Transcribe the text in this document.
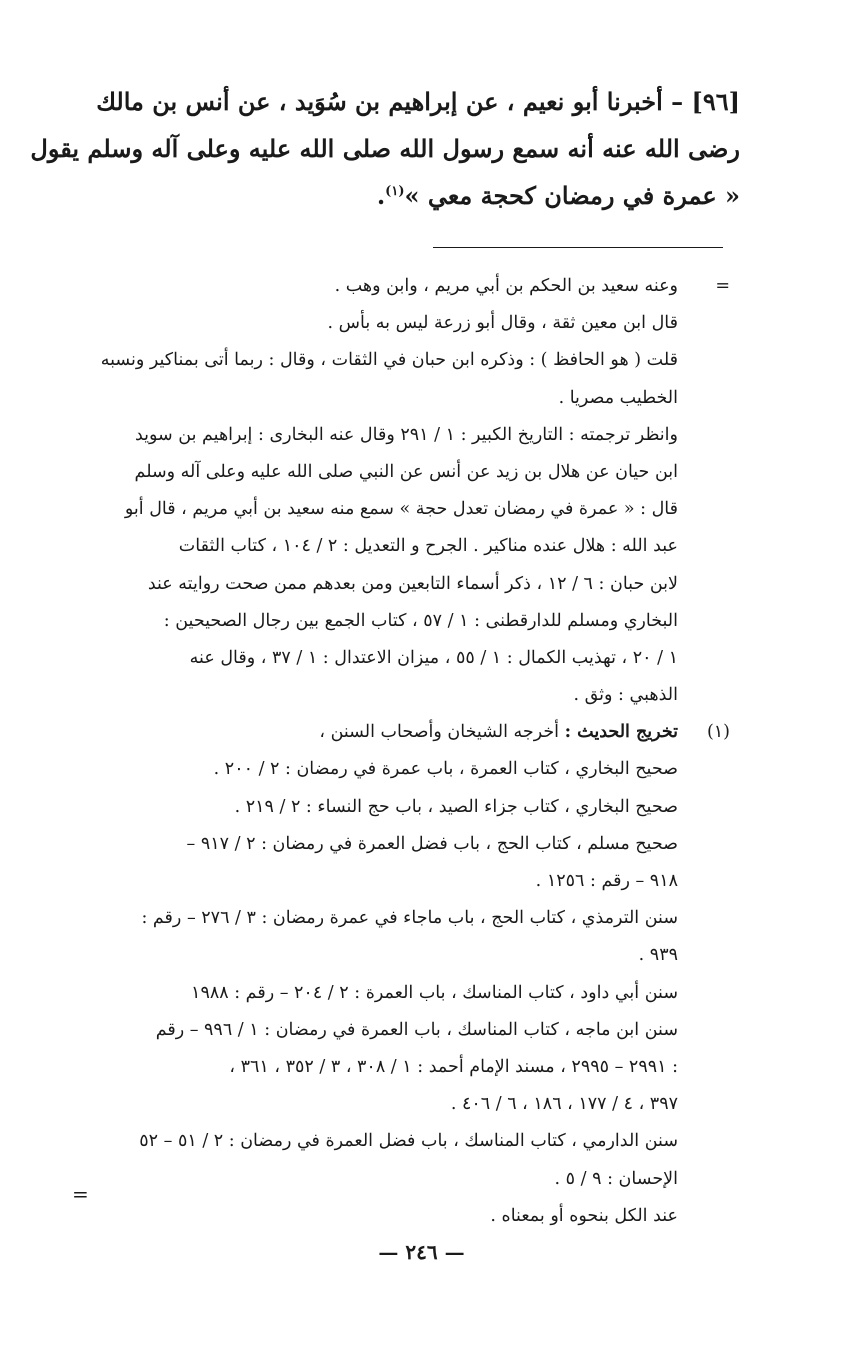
[٩٦] – أخبرنا أبو نعيم ، عن إبراهيم بن سُوَيد ، عن أنس بن مالك
رضى الله عنه أنه سمع رسول الله صلى الله عليه وعلى آله وسلم يقول
« عمرة في رمضان كحجة معي »$^{(١)}$.
=وعنه سعيد بن الحكم بن أبي مريم ، وابن وهب .
قال ابن معين ثقة ، وقال أبو زرعة ليس به بأس .
قلت ( هو الحافظ ) : وذكره ابن حبان في الثقات ، وقال : ربما أتى بمناكير ونسبه
الخطيب مصريا .
وانظر ترجمته : التاريخ الكبير : ١ / ٢٩١ وقال عنه البخارى : إبراهيم بن سويد
ابن حيان عن هلال بن زيد عن أنس عن النبي صلى الله عليه وعلى آله وسلم
قال : « عمرة في رمضان تعدل حجة » سمع منه سعيد بن أبي مريم ، قال أبو
عبد الله : هلال عنده مناكير . الجرح و التعديل : ٢ / ١٠٤ ، كتاب الثقات
لابن حبان : ٦ / ١٢ ، ذكر أسماء التابعين ومن بعدهم ممن صحت روايته عند
البخاري ومسلم للدارقطنى : ١ / ٥٧ ، كتاب الجمع بين رجال الصحيحين :
١ / ٢٠ ، تهذيب الكمال : ١ / ٥٥ ، ميزان الاعتدال : ١ / ٣٧ ، وقال عنه
الذهبي : وثق .
(١)تخريج الحديث : أخرجه الشيخان وأصحاب السنن ،
صحيح البخاري ، كتاب العمرة ، باب عمرة في رمضان : ٢ / ٢٠٠ .
صحيح البخاري ، كتاب جزاء الصيد ، باب حج النساء : ٢ / ٢١٩ .
صحيح مسلم ، كتاب الحج ، باب فضل العمرة في رمضان : ٢ / ٩١٧ –
٩١٨ – رقم : ١٢٥٦ .
سنن الترمذي ، كتاب الحج ، باب ماجاء في عمرة رمضان : ٣ / ٢٧٦ – رقم :
٩٣٩ .
سنن أبي داود ، كتاب المناسك ، باب العمرة : ٢ / ٢٠٤ – رقم : ١٩٨٨
سنن ابن ماجه ، كتاب المناسك ، باب العمرة في رمضان : ١ / ٩٩٦ – رقم
: ٢٩٩١ – ٢٩٩٥ ، مسند الإمام أحمد : ١ / ٣٠٨ ، ٣ / ٣٥٢ ، ٣٦١ ،
٣٩٧ ، ٤ / ١٧٧ ، ١٨٦ ، ٦ / ٤٠٦ .
سنن الدارمي ، كتاب المناسك ، باب فضل العمرة في رمضان : ٢ / ٥١ – ٥٢
الإحسان : ٩ / ٥ .
عند الكل بنحوه أو بمعناه .
=
— ٢٤٦ —
